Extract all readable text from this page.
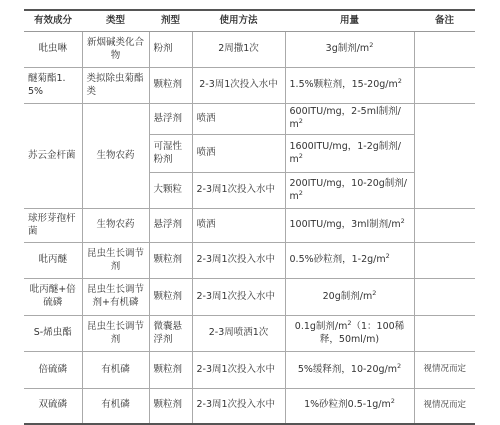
有效成分	类型	剂型	使用方法	用量	备注
吡虫啉	新烟碱类化合物	粉剂	2周撒1次	3g制剂$/m^2$	
醚菊酯1.5%	类拟除虫菊酯类	颗粒剂	2-3周1次投入水中	1.5%颗粒剂，$15-20g/m^2$	
苏云金杆菌	生物农药	悬浮剂	喷洒	600ITU/mg，2-5ml制剂$/m^2$	
		可湿性粉剂	喷洒	1600ITU/mg，1-2g制剂$/m^2$
		大颗粒	2-3周1次投入水中	200ITU/mg，10-20g制剂$/m^2$
球形芽孢杆菌	生物农药	悬浮剂	喷洒	100ITU/mg，3ml制剂$/m^2$	
吡丙醚	昆虫生长调节剂	颗粒剂	2-3周1次投入水中	0.5%砂粒剂，$1-2g/m^2$	
吡丙醚+倍硫磷	昆虫生长调节剂+有机磷	颗粒剂	2-3周1次投入水中	20g制剂$/m^2$	
S-烯虫酯	昆虫生长调节剂	微囊悬浮剂	2-3周喷洒1次	0.1g制剂$/m^2(1$：100稀释，50ml/m)	
倍硫磷	有机磷	颗粒剂	2-3周1次投入水中	5%缓释剂，$10-20g/m^2$	视情况而定
双硫磷	有机磷	颗粒剂	2-3周1次投入水中	1%砂粒剂$0.5-1g/m^2$	视情况而定
